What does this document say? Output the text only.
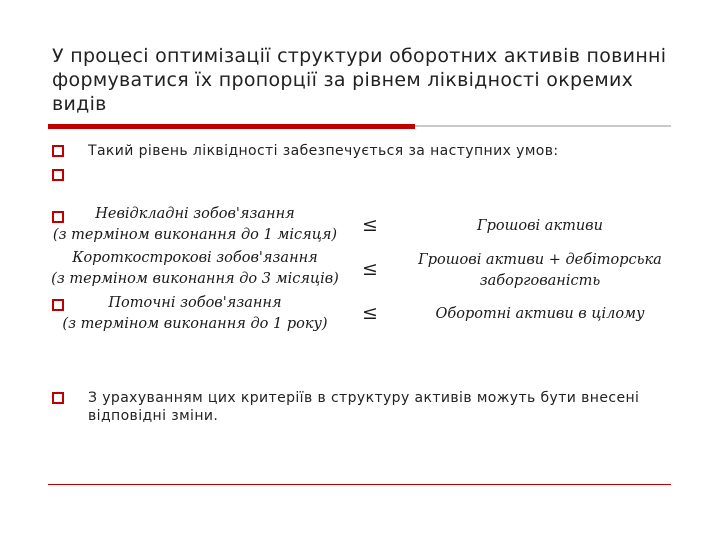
У процесі оптимізації структури оборотних активів повинні формуватися їх пропорції за рівнем ліквідності окремих видів
Такий рівень ліквідності забезпечується за наступних умов:
Невідкладні зобов'язання
(з терміном виконання до 1 місяця) ≤	Грошові активи
Короткострокові зобов'язання
(з терміном виконання до 3 місяців) ≤	Грошові активи + дебіторська
заборгованість
Поточні зобов'язання
(з терміном виконання до 1 року)	≤	Оборотні активи в цілому
З урахуванням цих критеріїв в структуру активів можуть бути внесені відповідні зміни.
